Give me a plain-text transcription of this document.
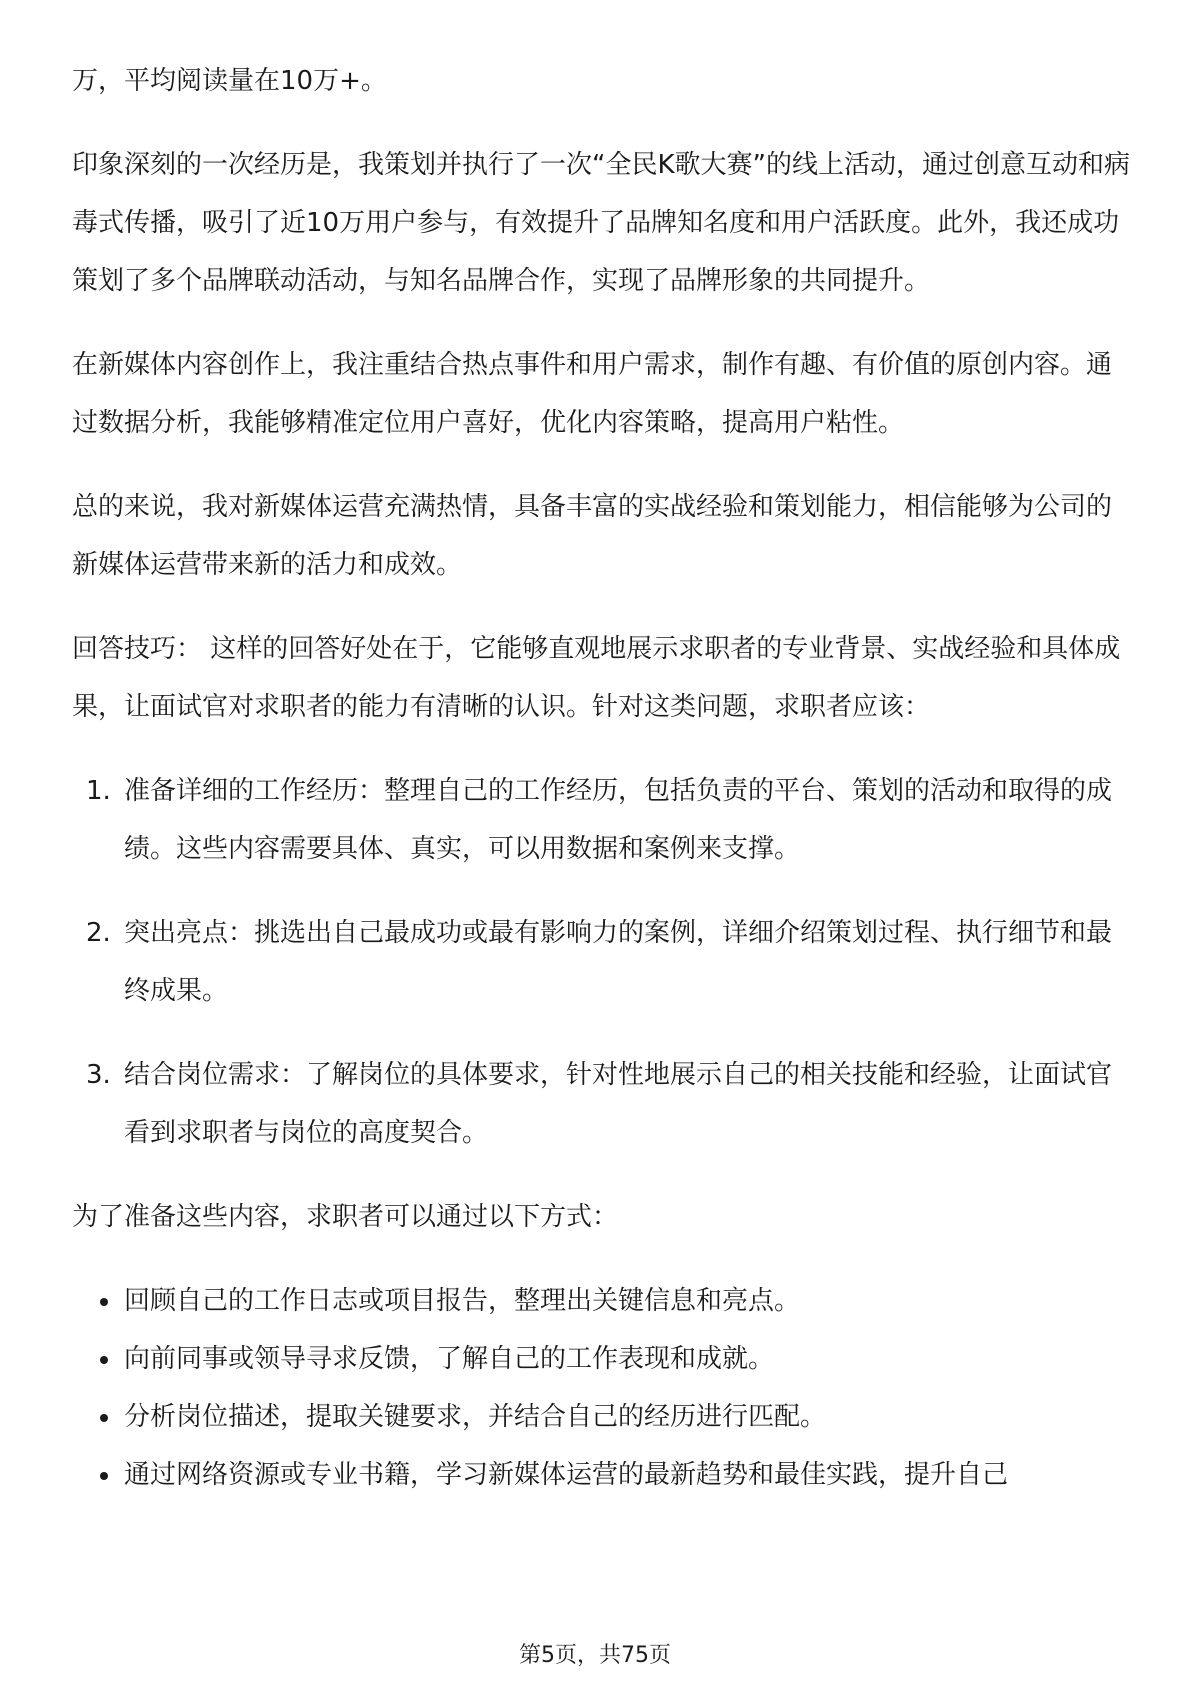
万，平均阅读量在10万+。

印象深刻的一次经历是，我策划并执行了一次“全民K歌大赛”的线上活动，通过创意互动和病毒式传播，吸引了近10万用户参与，有效提升了品牌知名度和用户活跃度。此外，我还成功策划了多个品牌联动活动，与知名品牌合作，实现了品牌形象的共同提升。

在新媒体内容创作上，我注重结合热点事件和用户需求，制作有趣、有价值的原创内容。通过数据分析，我能够精准定位用户喜好，优化内容策略，提高用户粘性。

总的来说，我对新媒体运营充满热情，具备丰富的实战经验和策划能力，相信能够为公司的新媒体运营带来新的活力和成效。

回答技巧： 这样的回答好处在于，它能够直观地展示求职者的专业背景、实战经验和具体成果，让面试官对求职者的能力有清晰的认识。针对这类问题，求职者应该：

1. 准备详细的工作经历：整理自己的工作经历，包括负责的平台、策划的活动和取得的成绩。这些内容需要具体、真实，可以用数据和案例来支撑。
2. 突出亮点：挑选出自己最成功或最有影响力的案例，详细介绍策划过程、执行细节和最终成果。
3. 结合岗位需求：了解岗位的具体要求，针对性地展示自己的相关技能和经验，让面试官看到求职者与岗位的高度契合。

为了准备这些内容，求职者可以通过以下方式：

回顾自己的工作日志或项目报告，整理出关键信息和亮点。
向前同事或领导寻求反馈，了解自己的工作表现和成就。
分析岗位描述，提取关键要求，并结合自己的经历进行匹配。
通过网络资源或专业书籍，学习新媒体运营的最新趋势和最佳实践，提升自己
第5页，共75页
